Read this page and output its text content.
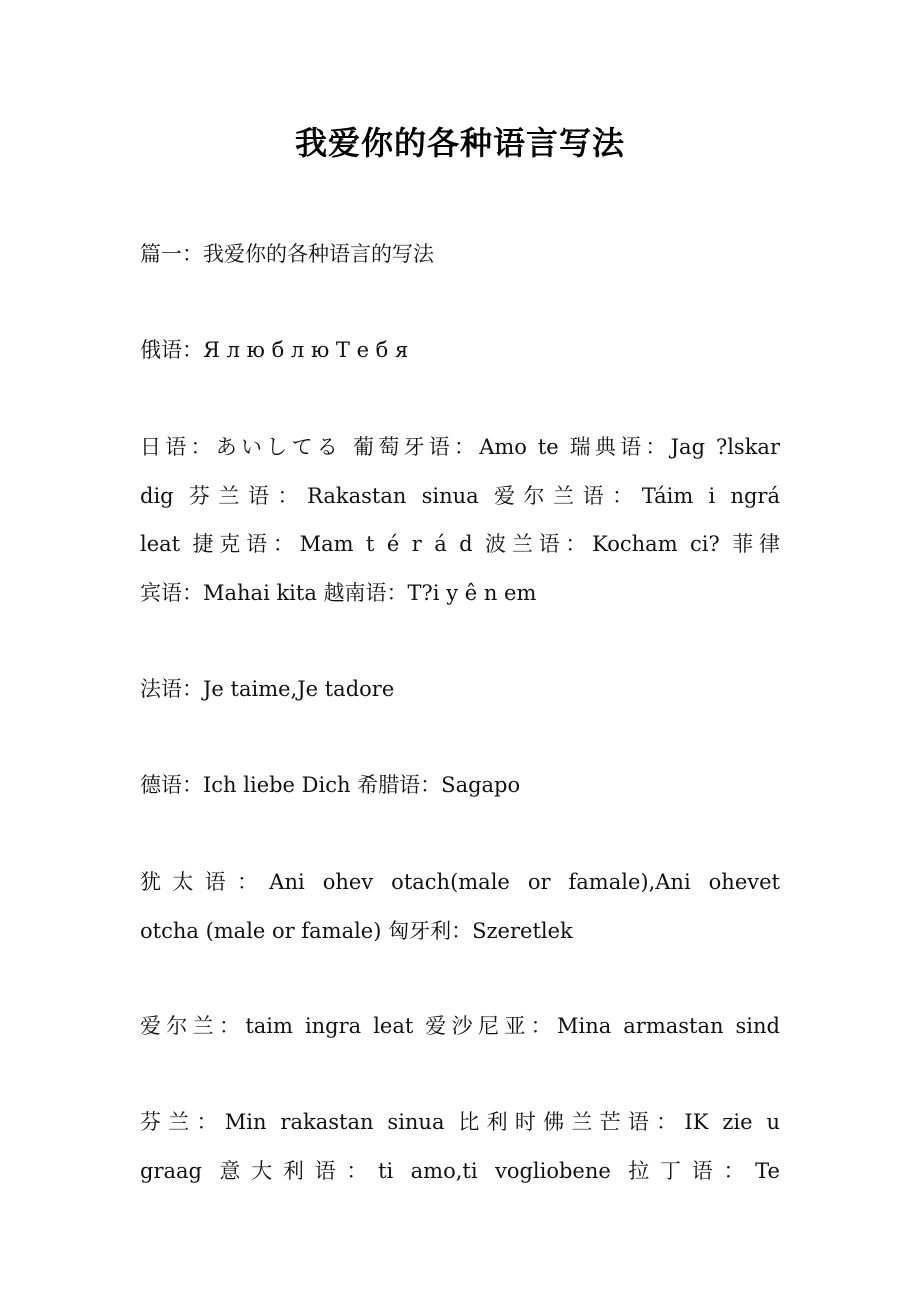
我爱你的各种语言写法
篇一：我爱你的各种语言的写法
俄语：Я л ю б л ю Т е б я
日语：あいしてる 葡萄牙语：Amo te 瑞典语：Jag ?lskar
dig 芬兰语：Rakastan sinua 爱尔兰语：Táim i ngrá
leat 捷克语：Mam t é r á d 波兰语：Kocham ci? 菲律
宾语：Mahai kita 越南语：T?i y ê n em
法语：Je taime,Je tadore
德语：Ich liebe Dich 希腊语：Sagapo
犹太语：Ani ohev otach(male or famale),Ani ohevet
otcha (male or famale) 匈牙利：Szeretlek
爱尔兰：taim ingra leat 爱沙尼亚：Mina armastan sind
芬兰：Min rakastan sinua 比利时佛兰芒语：IK zie u
graag 意大利语：ti amo,ti vogliobene 拉丁语：Te
